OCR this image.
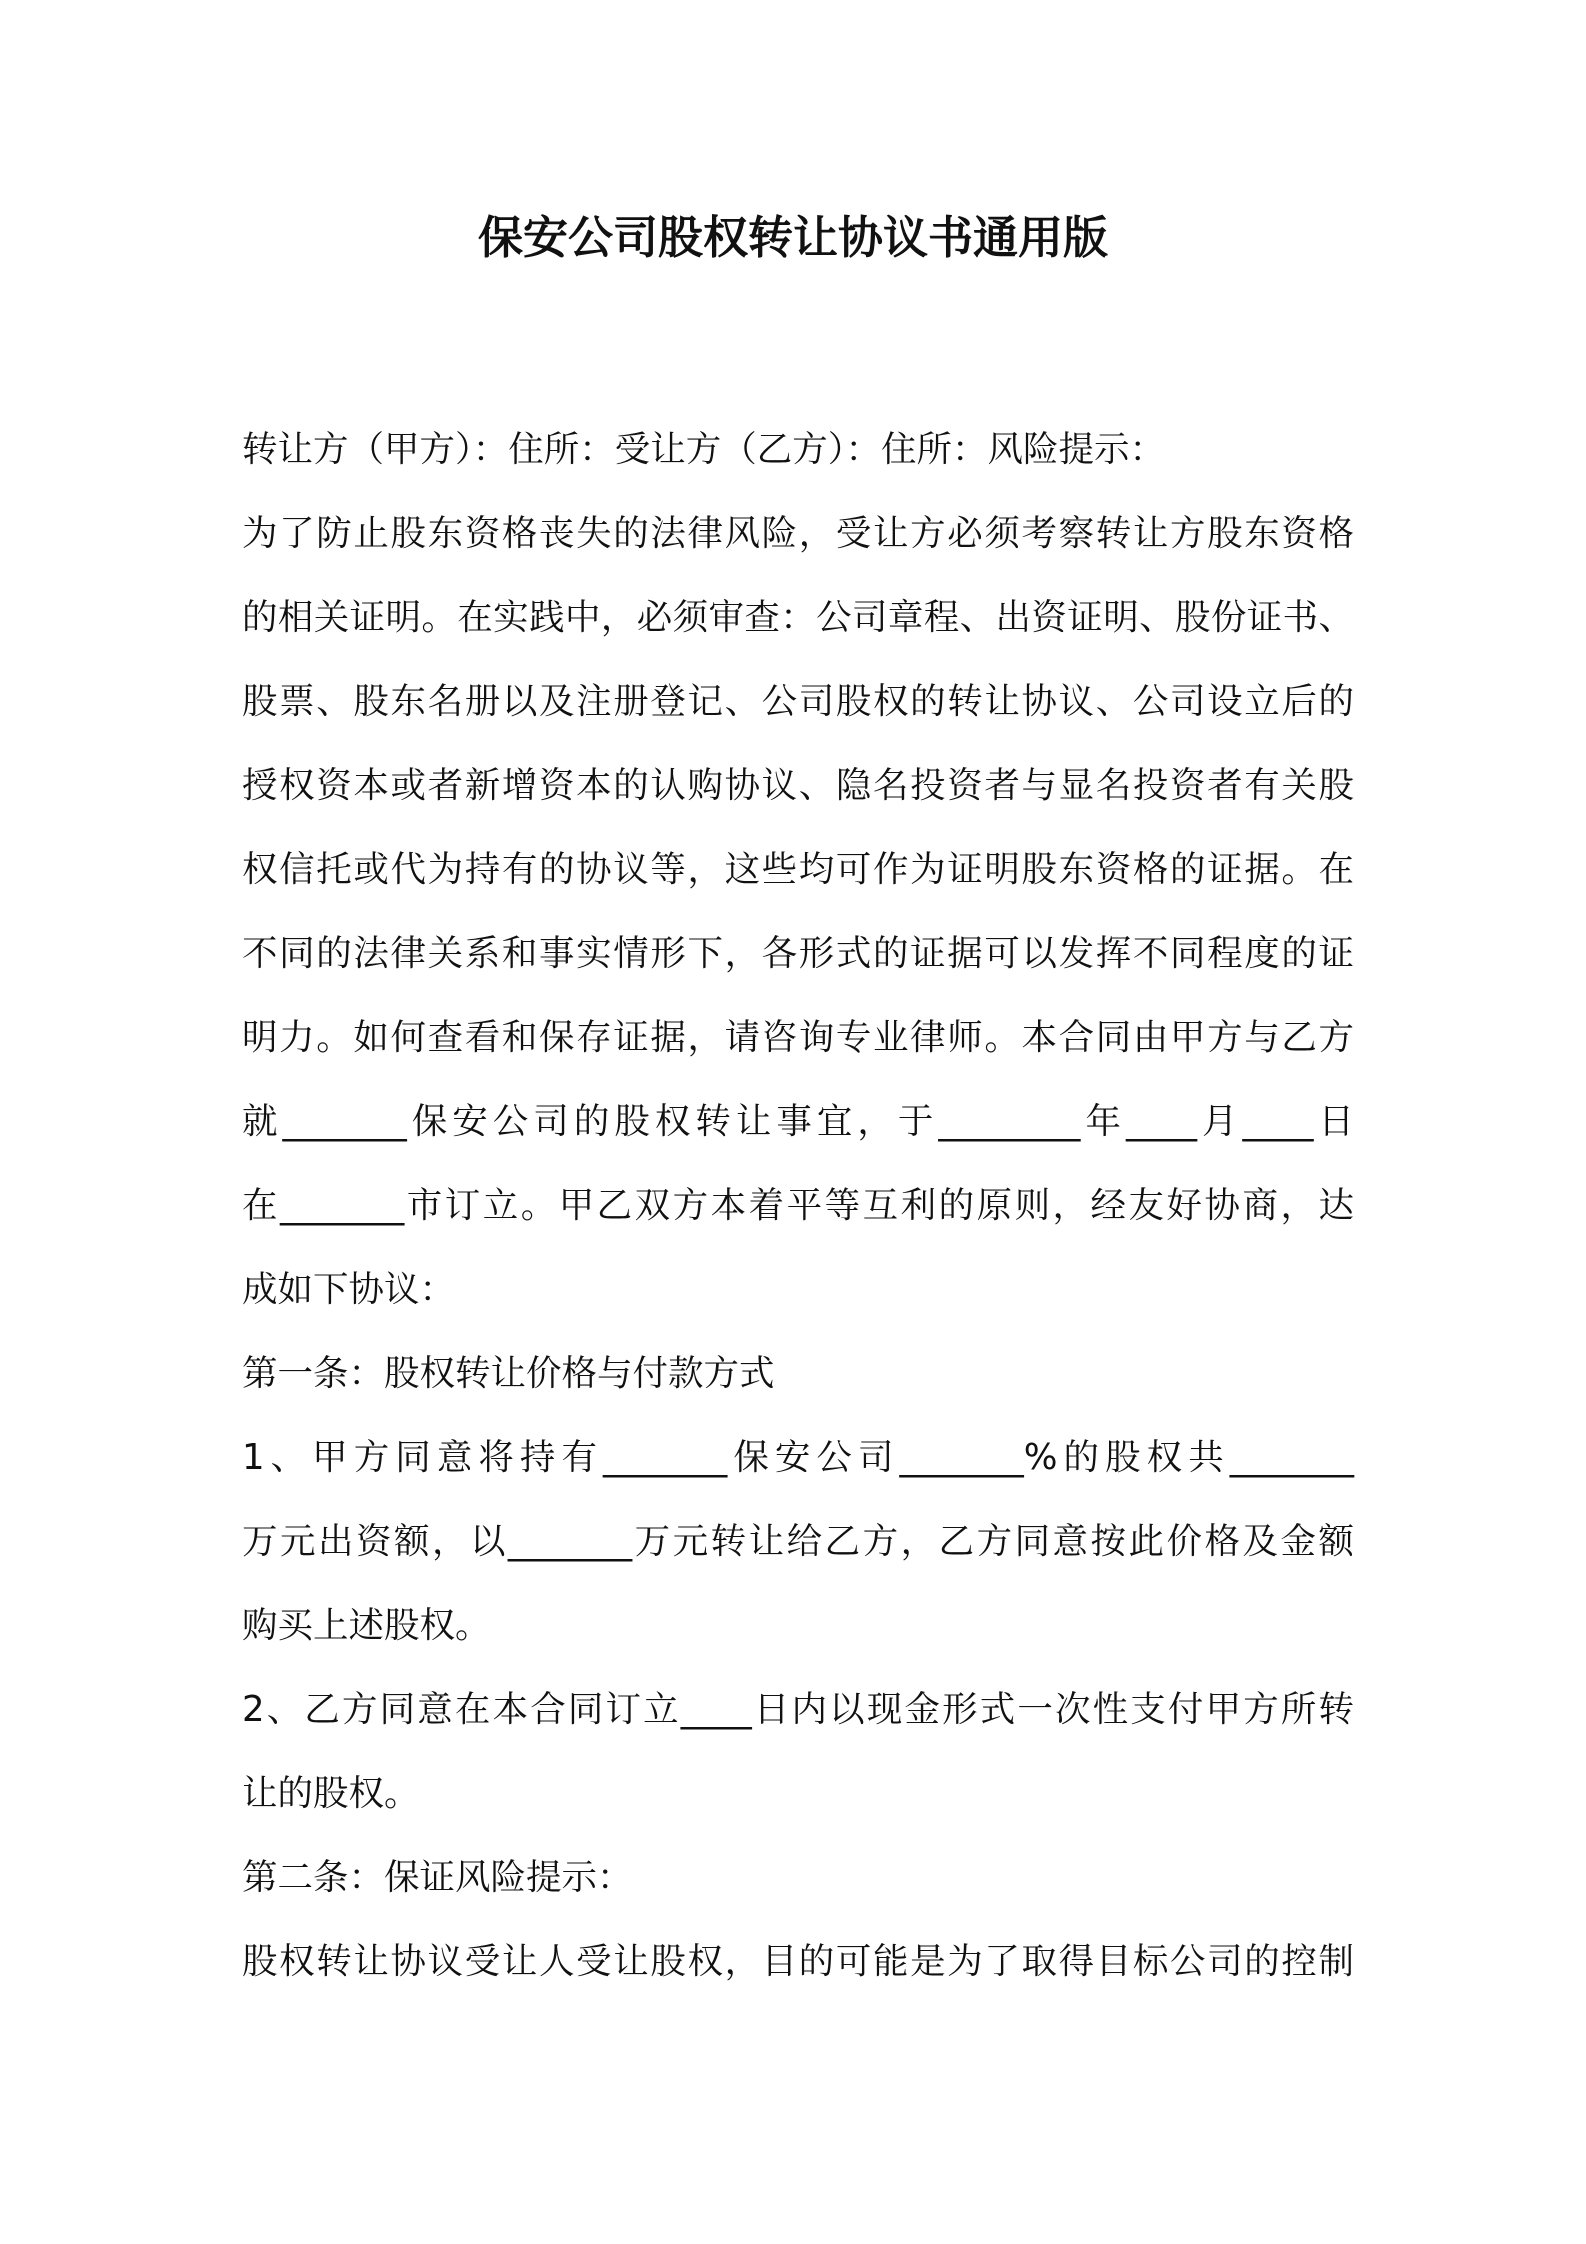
保安公司股权转让协议书通用版
转让方（甲方）：住所：受让方（乙方）：住所：风险提示：
为了防止股东资格丧失的法律风险，受让方必须考察转让方股东资格
的相关证明。在实践中，必须审查：公司章程、出资证明、股份证书、
股票、股东名册以及注册登记、公司股权的转让协议、公司设立后的
授权资本或者新增资本的认购协议、隐名投资者与显名投资者有关股
权信托或代为持有的协议等，这些均可作为证明股东资格的证据。在
不同的法律关系和事实情形下，各形式的证据可以发挥不同程度的证
明力。如何查看和保存证据，请咨询专业律师。本合同由甲方与乙方
就_______保安公司的股权转让事宜，于________年____月____日
在_______市订立。甲乙双方本着平等互利的原则，经友好协商，达
成如下协议：
第一条：股权转让价格与付款方式
1、甲方同意将持有_______保安公司_______%的股权共_______
万元出资额，以_______万元转让给乙方，乙方同意按此价格及金额
购买上述股权。
2、乙方同意在本合同订立____日内以现金形式一次性支付甲方所转
让的股权。
第二条：保证风险提示：
股权转让协议受让人受让股权，目的可能是为了取得目标公司的控制
